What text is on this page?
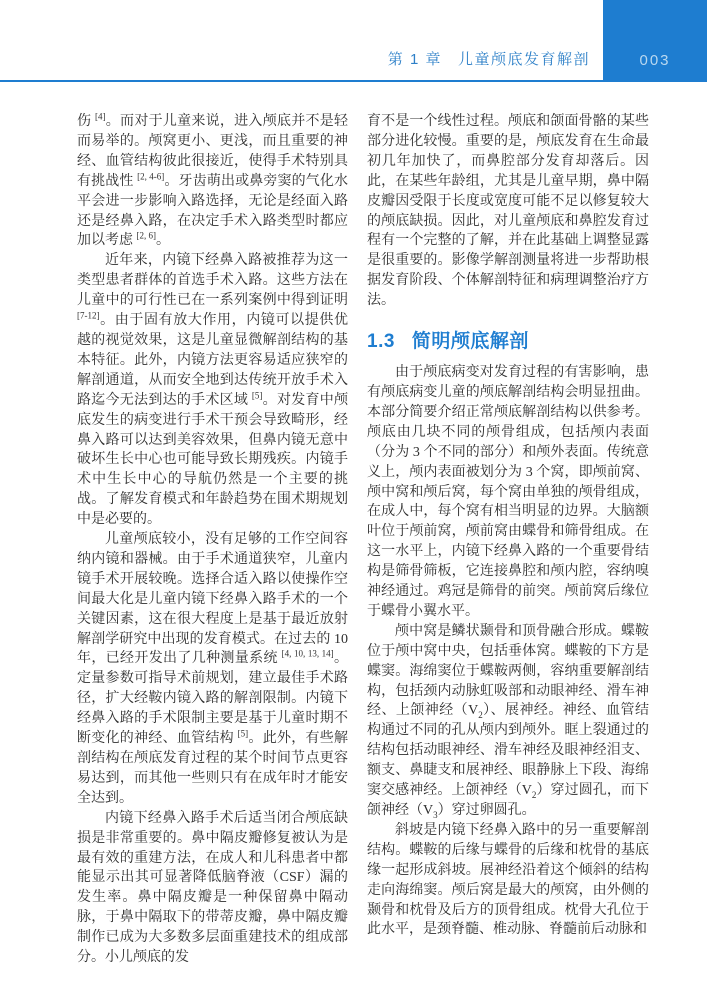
第 1 章 儿童颅底发育解剖	003

伤 [4]。而对于儿童来说，进入颅底并不是轻而易举的。颅窝更小、更浅，而且重要的神经、血管结构彼此很接近，使得手术特别具有挑战性 [2, 4-6]。牙齿萌出或鼻旁窦的气化水平会进一步影响入路选择，无论是经面入路还是经鼻入路，在决定手术入路类型时都应加以考虑 [2, 6]。

近年来，内镜下经鼻入路被推荐为这一类型患者群体的首选手术入路。这些方法在儿童中的可行性已在一系列案例中得到证明 [7-12]。由于固有放大作用，内镜可以提供优越的视觉效果，这是儿童显微解剖结构的基本特征。此外，内镜方法更容易适应狭窄的解剖通道，从而安全地到达传统开放手术入路迄今无法到达的手术区域 [5]。对发育中颅底发生的病变进行手术干预会导致畸形，经鼻入路可以达到美容效果，但鼻内镜无意中破坏生长中心也可能导致长期残疾。内镜手术中生长中心的导航仍然是一个主要的挑战。了解发育模式和年龄趋势在围术期规划中是必要的。

儿童颅底较小，没有足够的工作空间容纳内镜和器械。由于手术通道狭窄，儿童内镜手术开展较晚。选择合适入路以使操作空间最大化是儿童内镜下经鼻入路手术的一个关键因素，这在很大程度上是基于最近放射解剖学研究中出现的发育模式。在过去的 10 年，已经开发出了几种测量系统 [4, 10, 13, 14]。定量参数可指导术前规划，建立最佳手术路径，扩大经鞍内镜入路的解剖限制。内镜下经鼻入路的手术限制主要是基于儿童时期不断变化的神经、血管结构 [5]。此外，有些解剖结构在颅底发育过程的某个时间节点更容易达到，而其他一些则只有在成年时才能安全达到。

内镜下经鼻入路手术后适当闭合颅底缺损是非常重要的。鼻中隔皮瓣修复被认为是最有效的重建方法，在成人和儿科患者中都能显示出其可显著降低脑脊液（CSF）漏的发生率。鼻中隔皮瓣是一种保留鼻中隔动脉，于鼻中隔取下的带蒂皮瓣，鼻中隔皮瓣制作已成为大多数多层面重建技术的组成部分。小儿颅底的发

育不是一个线性过程。颅底和颌面骨骼的某些部分进化较慢。重要的是，颅底发育在生命最初几年加快了，而鼻腔部分发育却落后。因此，在某些年龄组，尤其是儿童早期，鼻中隔皮瓣因受限于长度或宽度可能不足以修复较大的颅底缺损。因此，对儿童颅底和鼻腔发育过程有一个完整的了解，并在此基础上调整显露是很重要的。影像学解剖测量将进一步帮助根据发育阶段、个体解剖特征和病理调整治疗方法。

1.3 简明颅底解剖

由于颅底病变对发育过程的有害影响，患有颅底病变儿童的颅底解剖结构会明显扭曲。本部分简要介绍正常颅底解剖结构以供参考。颅底由几块不同的颅骨组成，包括颅内表面（分为 3 个不同的部分）和颅外表面。传统意义上，颅内表面被划分为 3 个窝，即颅前窝、颅中窝和颅后窝，每个窝由单独的颅骨组成，在成人中，每个窝有相当明显的边界。大脑额叶位于颅前窝，颅前窝由蝶骨和筛骨组成。在这一水平上，内镜下经鼻入路的一个重要骨结构是筛骨筛板，它连接鼻腔和颅内腔，容纳嗅神经通过。鸡冠是筛骨的前突。颅前窝后缘位于蝶骨小翼水平。

颅中窝是鳞状颞骨和顶骨融合形成。蝶鞍位于颅中窝中央，包括垂体窝。蝶鞍的下方是蝶窦。海绵窦位于蝶鞍两侧，容纳重要解剖结构，包括颈内动脉虹吸部和动眼神经、滑车神经、上颌神经$(V_2)$、展神经。神经、血管结构通过不同的孔从颅内到颅外。眶上裂通过的结构包括动眼神经、滑车神经及眼神经泪支、额支、鼻睫支和展神经、眼静脉上下段、海绵窦交感神经。上颌神经$(V_2)$穿过圆孔，而下颌神经$(V_3)$穿过卵圆孔。

斜坡是内镜下经鼻入路中的另一重要解剖结构。蝶鞍的后缘与蝶骨的后缘和枕骨的基底缘一起形成斜坡。展神经沿着这个倾斜的结构走向海绵窦。颅后窝是最大的颅窝，由外侧的颞骨和枕骨及后方的顶骨组成。枕骨大孔位于此水平，是颈脊髓、椎动脉、脊髓前后动脉和
